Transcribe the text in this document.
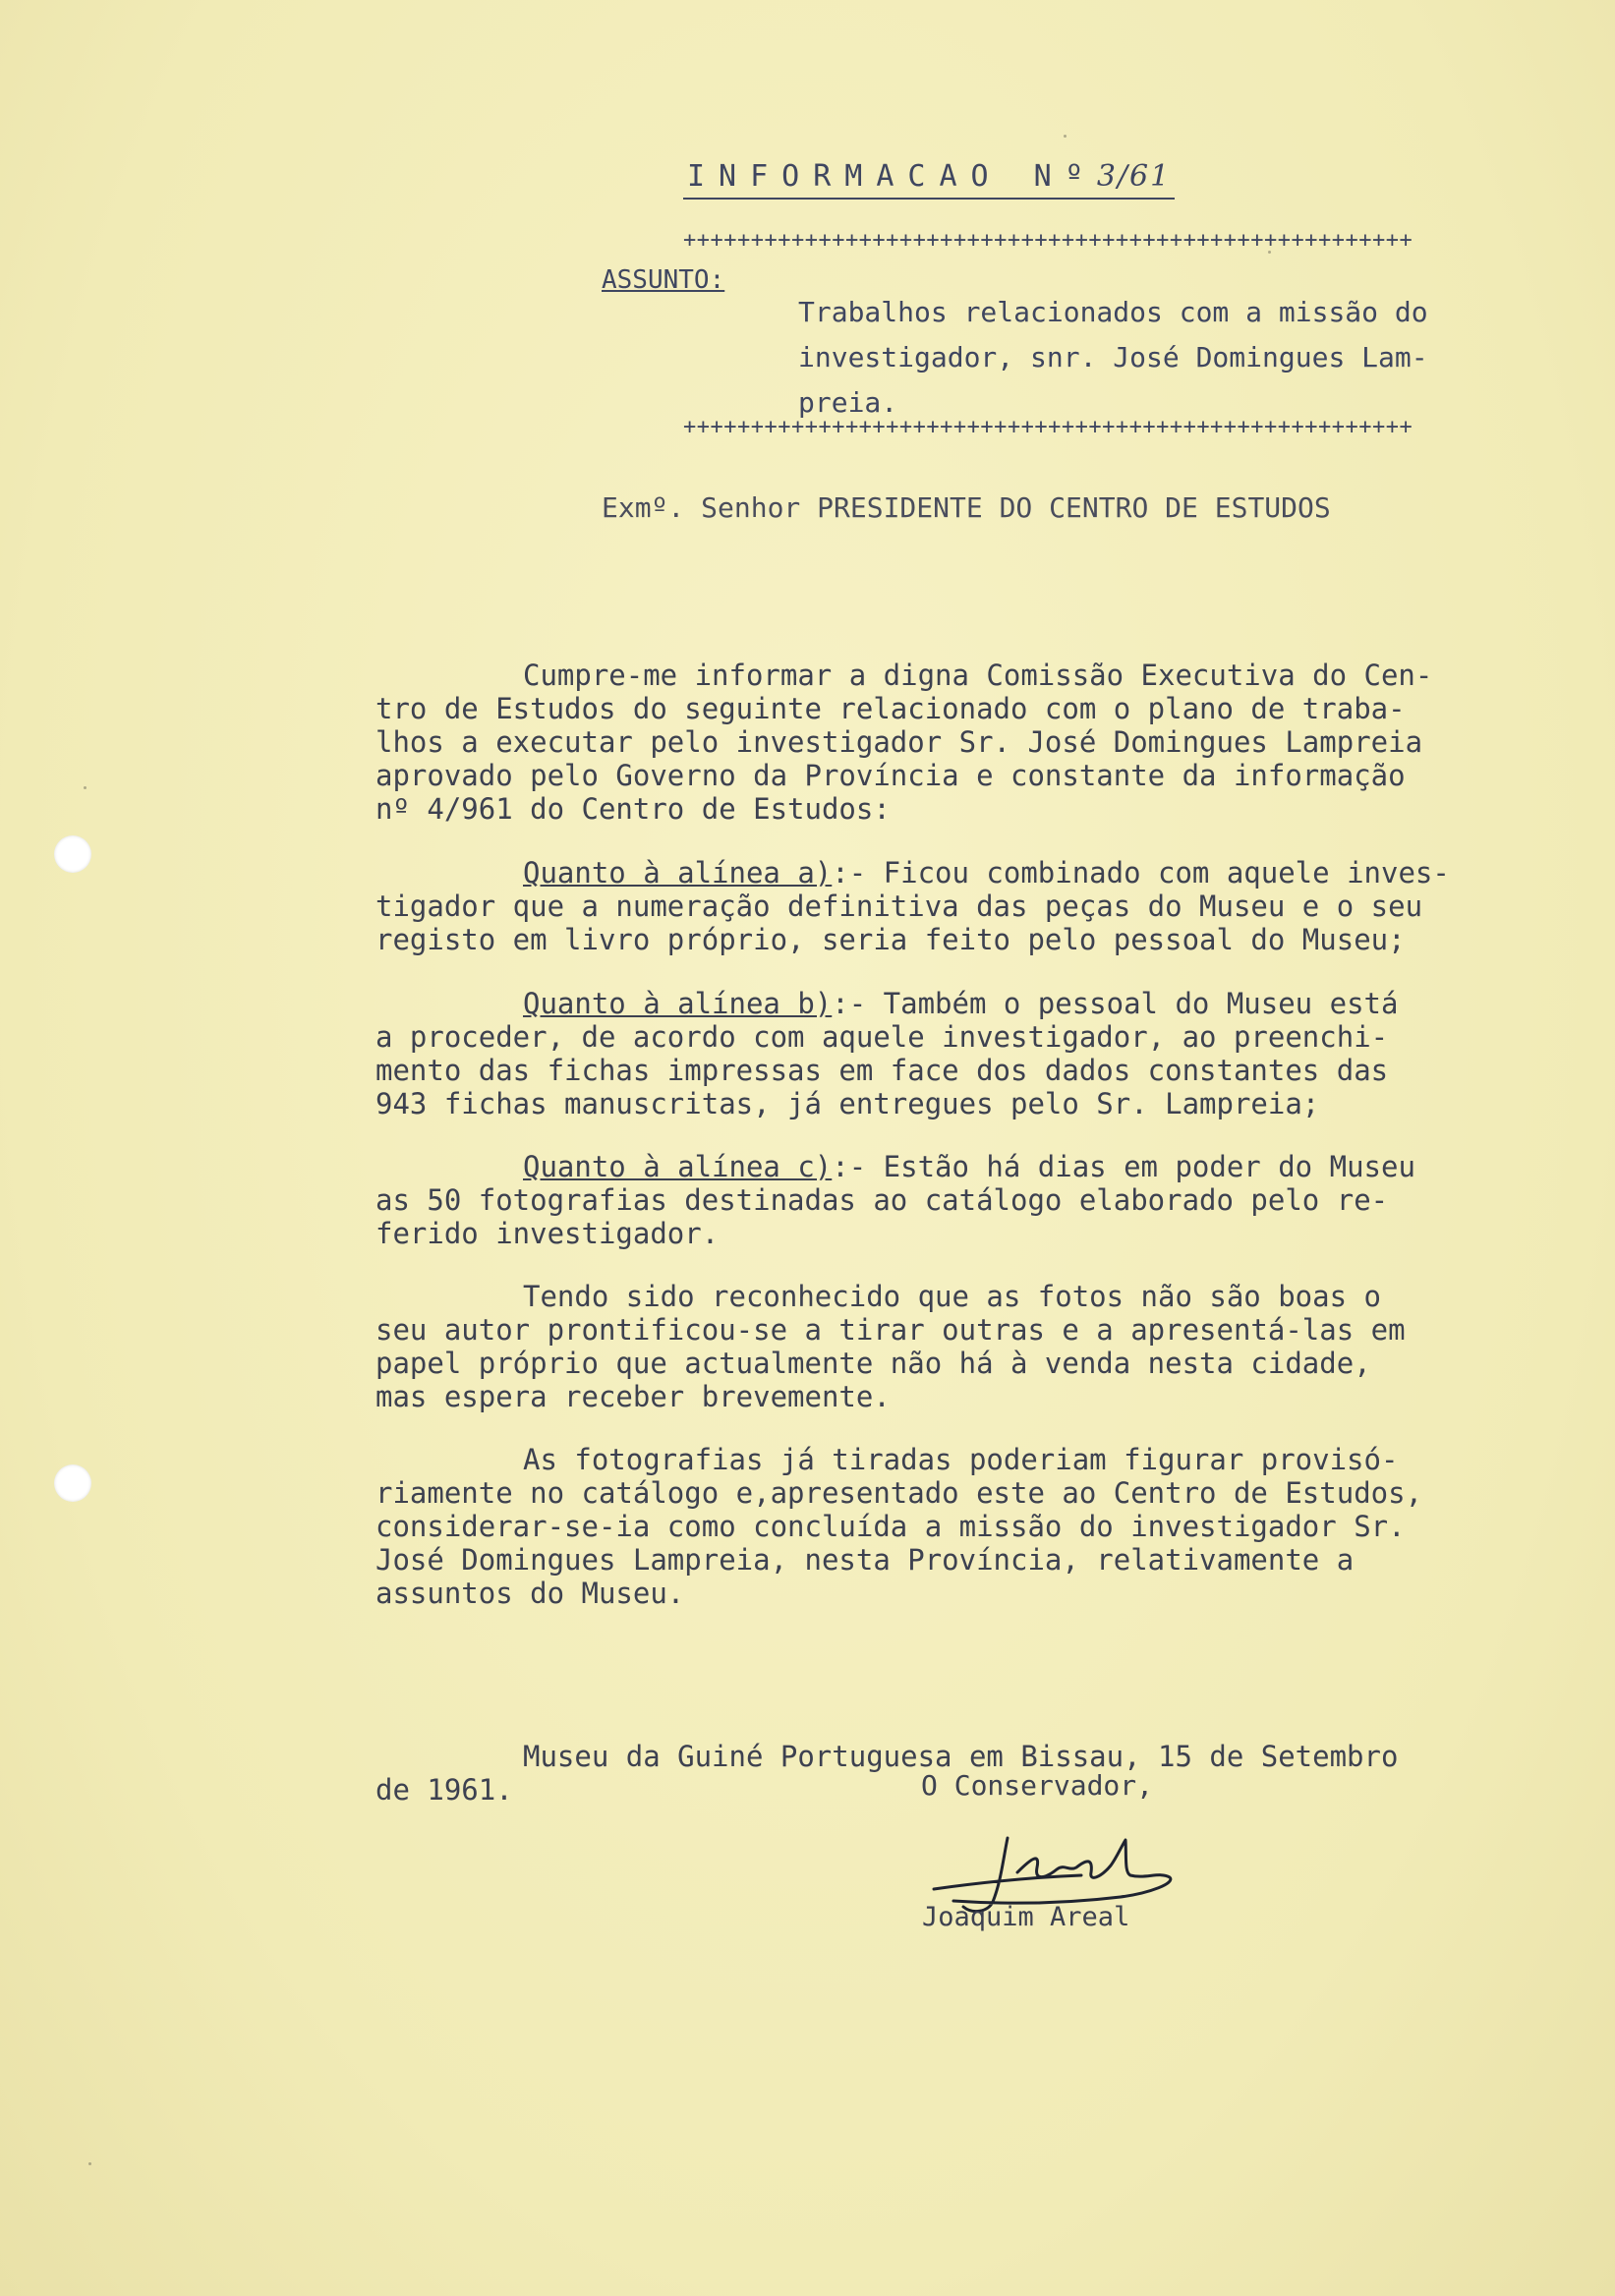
INFORMACAO Nº3/61
++++++++++++++++++++++++++++++++++++++++++++++++++++++
ASSUNTO:
Trabalhos relacionados com a missão do
investigador, snr. José Domingues Lam-
preia.
++++++++++++++++++++++++++++++++++++++++++++++++++++++
Exmº. Senhor PRESIDENTE DO CENTRO DE ESTUDOS

Cumpre-me informar a digna Comissão Executiva do Cen-
tro de Estudos do seguinte relacionado com o plano de traba-
lhos a executar pelo investigador Sr. José Domingues Lampreia
aprovado pelo Governo da Província e constante da informação
nº 4/961 do Centro de Estudos:

Quanto à alínea a):- Ficou combinado com aquele inves-
tigador que a numeração definitiva das peças do Museu e o seu
registo em livro próprio, seria feito pelo pessoal do Museu;

Quanto à alínea b):- Também o pessoal do Museu está
a proceder, de acordo com aquele investigador, ao preenchi-
mento das fichas impressas em face dos dados constantes das
943 fichas manuscritas, já entregues pelo Sr. Lampreia;

Quanto à alínea c):- Estão há dias em poder do Museu
as 50 fotografias destinadas ao catálogo elaborado pelo re-
ferido investigador.

Tendo sido reconhecido que as fotos não são boas o
seu autor prontificou-se a tirar outras e a apresentá-las em
papel próprio que actualmente não há à venda nesta cidade,
mas espera receber brevemente.

As fotografias já tiradas poderiam figurar provisó-
riamente no catálogo e,apresentado este ao Centro de Estudos,
considerar-se-ia como concluída a missão do investigador Sr.
José Domingues Lampreia, nesta Província, relativamente a
assuntos do Museu.

Museu da Guiné Portuguesa em Bissau, 15 de Setembro
de 1961.	O Conservador,
Joaquim Areal
